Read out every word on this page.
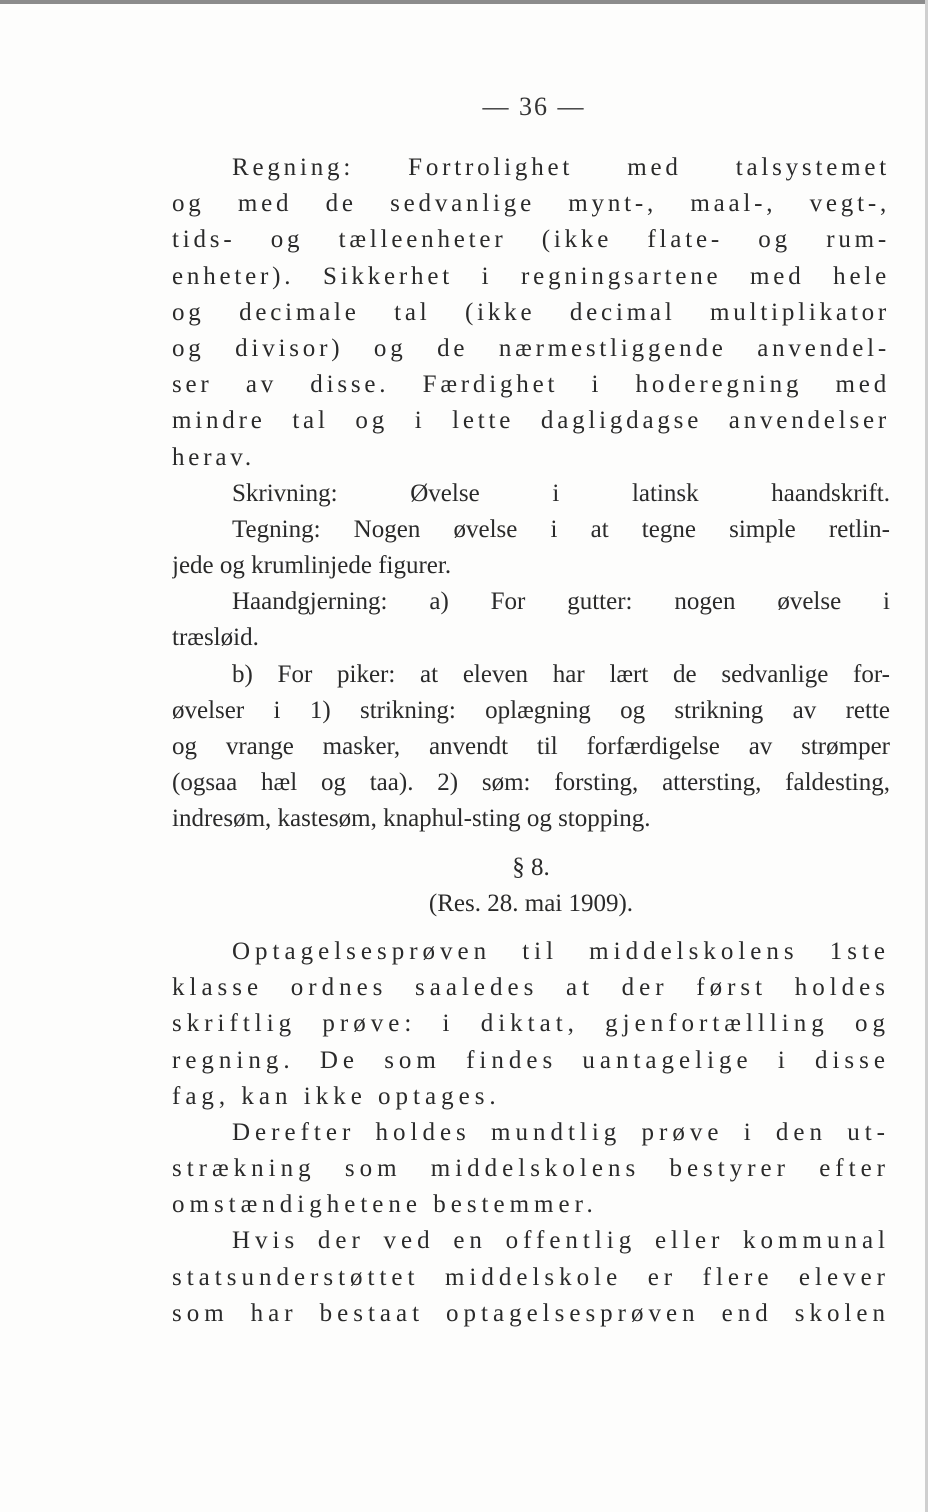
— 36 —
Regning: Fortrolighet med talsystemet
og med de sedvanlige mynt-, maal-, vegt-,
tids- og tælleenheter (ikke flate- og rum-
enheter). Sikkerhet i regningsartene med hele
og decimale tal (ikke decimal multiplikator
og divisor) og de nærmestliggende anvendel-
ser av disse. Færdighet i hoderegning med
mindre tal og i lette dagligdagse anvendelser
herav.
Skrivning: Øvelse i latinsk haandskrift.
Tegning: Nogen øvelse i at tegne simple retlin-
jede og krumlinjede figurer.
Haandgjerning: a) For gutter: nogen øvelse i
træsløid.
b) For piker: at eleven har lært de sedvanlige for-
øvelser i 1) strikning: oplægning og strikning av rette
og vrange masker, anvendt til forfærdigelse av strømper
(ogsaa hæl og taa). 2) søm: forsting, attersting, faldesting,
indresøm, kastesøm, knaphul-sting og stopping.
§ 8.
(Res. 28. mai 1909).
Optagelsesprøven til middelskolens 1ste
klasse ordnes saaledes at der først holdes
skriftlig prøve: i diktat, gjenfortællling og
regning. De som findes uantagelige i disse
fag, kan ikke optages.
Derefter holdes mundtlig prøve i den ut-
strækning som middelskolens bestyrer efter
omstændighetene bestemmer.
Hvis der ved en offentlig eller kommunal
statsunderstøttet middelskole er flere elever
som har bestaat optagelsesprøven end skolen
